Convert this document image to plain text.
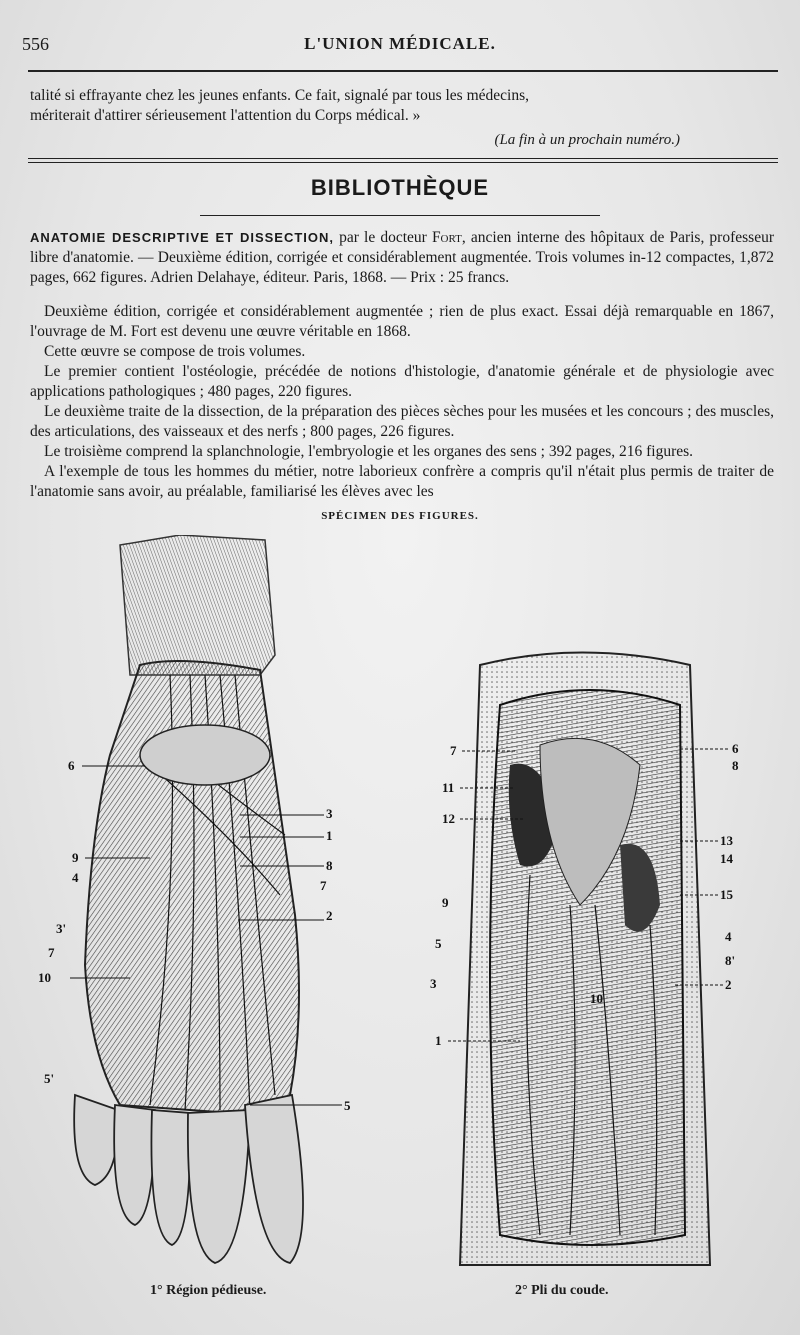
556	L'UNION MÉDICALE.

talité si effrayante chez les jeunes enfants. Ce fait, signalé par tous les médecins,

mériterait d'attirer sérieusement l'attention du Corps médical. »

(La fin à un prochain numéro.)
BIBLIOTHÈQUE

ANATOMIE DESCRIPTIVE ET DISSECTION, par le docteur Fort, ancien interne des hôpitaux de Paris, professeur libre d'anatomie. — Deuxième édition, corrigée et considérablement augmentée. Trois volumes in-12 compactes, 1,872 pages, 662 figures. Adrien Delahaye, éditeur. Paris, 1868. — Prix : 25 francs.

Deuxième édition, corrigée et considérablement augmentée ; rien de plus exact. Essai déjà remarquable en 1867, l'ouvrage de M. Fort est devenu une œuvre véritable en 1868.

Cette œuvre se compose de trois volumes.

Le premier contient l'ostéologie, précédée de notions d'histologie, d'anatomie générale et de physiologie avec applications pathologiques ; 480 pages, 220 figures.

Le deuxième traite de la dissection, de la préparation des pièces sèches pour les musées et les concours ; des muscles, des articulations, des vaisseaux et des nerfs ; 800 pages, 226 figures.

Le troisième comprend la splanchnologie, l'embryologie et les organes des sens ; 392 pages, 216 figures.

A l'exemple de tous les hommes du métier, notre laborieux confrère a compris qu'il n'était plus permis de traiter de l'anatomie sans avoir, au préalable, familiarisé les élèves avec les

SPÉCIMEN DES FIGURES.
6
3
1
8
9
4
7
2
3'
7
10
5'
5
1° Région pédieuse.
7
11
12
9
5
3
1
6
8
13
14
15
4
8'
2
10
2° Pli du coude.
